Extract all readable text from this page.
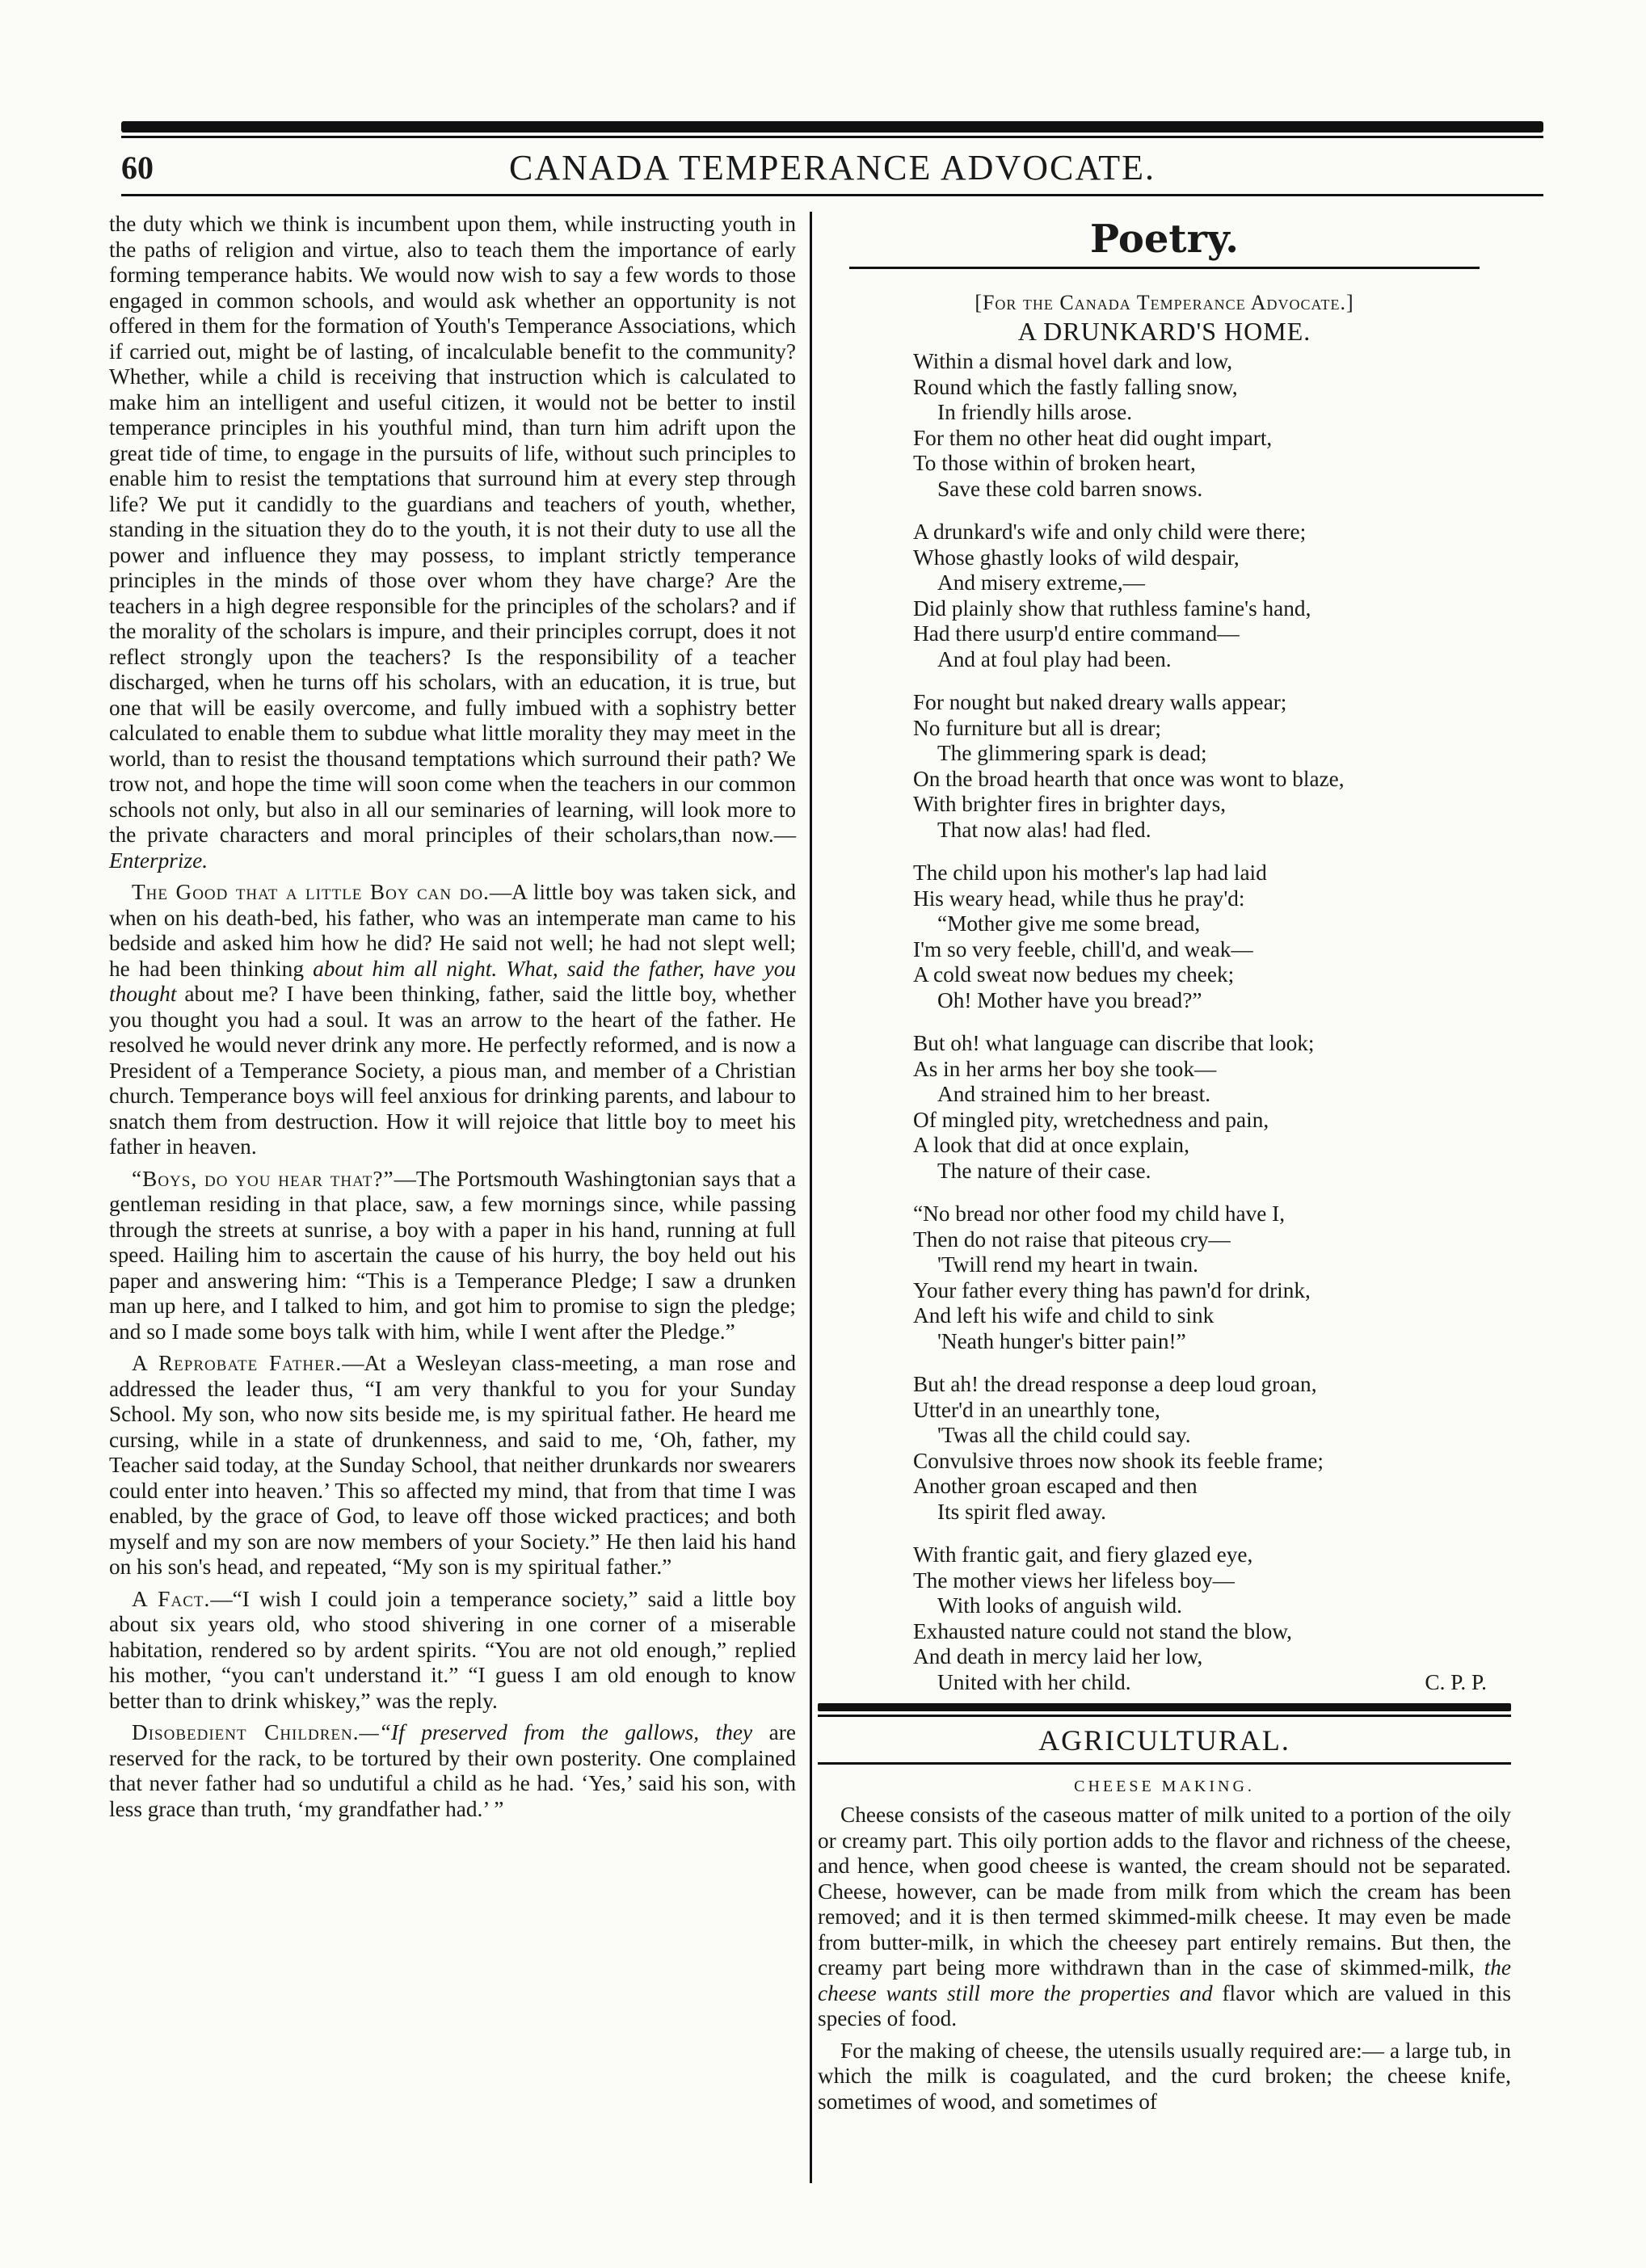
60	CANADA TEMPERANCE ADVOCATE.

the duty which we think is incumbent upon them, while instructing youth in the paths of religion and virtue, also to teach them the importance of early forming temperance habits. We would now wish to say a few words to those engaged in common schools, and would ask whether an opportunity is not offered in them for the formation of Youth's Temperance Associations, which if carried out, might be of lasting, of incalculable benefit to the community? Whether, while a child is receiving that instruction which is calculated to make him an intelligent and useful citizen, it would not be better to instil temperance principles in his youthful mind, than turn him adrift upon the great tide of time, to engage in the pursuits of life, without such principles to enable him to resist the temptations that surround him at every step through life? We put it candidly to the guardians and teachers of youth, whether, standing in the situation they do to the youth, it is not their duty to use all the power and influence they may possess, to implant strictly temperance principles in the minds of those over whom they have charge? Are the teachers in a high degree responsible for the principles of the scholars? and if the morality of the scholars is impure, and their principles corrupt, does it not reflect strongly upon the teachers? Is the responsibility of a teacher discharged, when he turns off his scholars, with an education, it is true, but one that will be easily overcome, and fully imbued with a sophistry better calculated to enable them to subdue what little morality they may meet in the world, than to resist the thousand temptations which surround their path? We trow not, and hope the time will soon come when the teachers in our common schools not only, but also in all our seminaries of learning, will look more to the private characters and moral principles of their scholars,than now.—Enterprize.

The Good that a little Boy can do.—A little boy was taken sick, and when on his death-bed, his father, who was an intemperate man came to his bedside and asked him how he did? He said not well; he had not slept well; he had been thinking about him all night. What, said the father, have you thought about me? I have been thinking, father, said the little boy, whether you thought you had a soul. It was an arrow to the heart of the father. He resolved he would never drink any more. He perfectly reformed, and is now a President of a Temperance Society, a pious man, and member of a Christian church. Temperance boys will feel anxious for drinking parents, and labour to snatch them from destruction. How it will rejoice that little boy to meet his father in heaven.

“Boys, do you hear that?”—The Portsmouth Washingtonian says that a gentleman residing in that place, saw, a few mornings since, while passing through the streets at sunrise, a boy with a paper in his hand, running at full speed. Hailing him to ascertain the cause of his hurry, the boy held out his paper and answering him: “This is a Temperance Pledge; I saw a drunken man up here, and I talked to him, and got him to promise to sign the pledge; and so I made some boys talk with him, while I went after the Pledge.”

A Reprobate Father.—At a Wesleyan class-meeting, a man rose and addressed the leader thus, “I am very thankful to you for your Sunday School. My son, who now sits beside me, is my spiritual father. He heard me cursing, while in a state of drunkenness, and said to me, ‘Oh, father, my Teacher said today, at the Sunday School, that neither drunkards nor swearers could enter into heaven.’ This so affected my mind, that from that time I was enabled, by the grace of God, to leave off those wicked practices; and both myself and my son are now members of your Society.” He then laid his hand on his son's head, and repeated, “My son is my spiritual father.”

A Fact.—“I wish I could join a temperance society,” said a little boy about six years old, who stood shivering in one corner of a miserable habitation, rendered so by ardent spirits. “You are not old enough,” replied his mother, “you can't understand it.” “I guess I am old enough to know better than to drink whiskey,” was the reply.

Disobedient Children.—“If preserved from the gallows, they are reserved for the rack, to be tortured by their own posterity. One complained that never father had so undutiful a child as he had. ‘Yes,’ said his son, with less grace than truth, ‘my grandfather had.’ ”

Poetry.
[For the Canada Temperance Advocate.]
A DRUNKARD'S HOME.
Within a dismal hovel dark and low,
Round which the fastly falling snow,
In friendly hills arose.
For them no other heat did ought impart,
To those within of broken heart,
Save these cold barren snows.
A drunkard's wife and only child were there;
Whose ghastly looks of wild despair,
And misery extreme,—
Did plainly show that ruthless famine's hand,
Had there usurp'd entire command—
And at foul play had been.
For nought but naked dreary walls appear;
No furniture but all is drear;
The glimmering spark is dead;
On the broad hearth that once was wont to blaze,
With brighter fires in brighter days,
That now alas! had fled.
The child upon his mother's lap had laid
His weary head, while thus he pray'd:
“Mother give me some bread,
I'm so very feeble, chill'd, and weak—
A cold sweat now bedues my cheek;
Oh! Mother have you bread?”
But oh! what language can discribe that look;
As in her arms her boy she took—
And strained him to her breast.
Of mingled pity, wretchedness and pain,
A look that did at once explain,
The nature of their case.
“No bread nor other food my child have I,
Then do not raise that piteous cry—
'Twill rend my heart in twain.
Your father every thing has pawn'd for drink,
And left his wife and child to sink
'Neath hunger's bitter pain!”
But ah! the dread response a deep loud groan,
Utter'd in an unearthly tone,
'Twas all the child could say.
Convulsive throes now shook its feeble frame;
Another groan escaped and then
Its spirit fled away.
With frantic gait, and fiery glazed eye,
The mother views her lifeless boy—
With looks of anguish wild.
Exhausted nature could not stand the blow,
And death in mercy laid her low,
United with her child.	C. P. P.
AGRICULTURAL.
CHEESE MAKING.

Cheese consists of the caseous matter of milk united to a portion of the oily or creamy part. This oily portion adds to the flavor and richness of the cheese, and hence, when good cheese is wanted, the cream should not be separated. Cheese, however, can be made from milk from which the cream has been removed; and it is then termed skimmed-milk cheese. It may even be made from butter-milk, in which the cheesey part entirely remains. But then, the creamy part being more withdrawn than in the case of skimmed-milk, the cheese wants still more the properties and flavor which are valued in this species of food.

For the making of cheese, the utensils usually required are:— a large tub, in which the milk is coagulated, and the curd broken; the cheese knife, sometimes of wood, and sometimes of
